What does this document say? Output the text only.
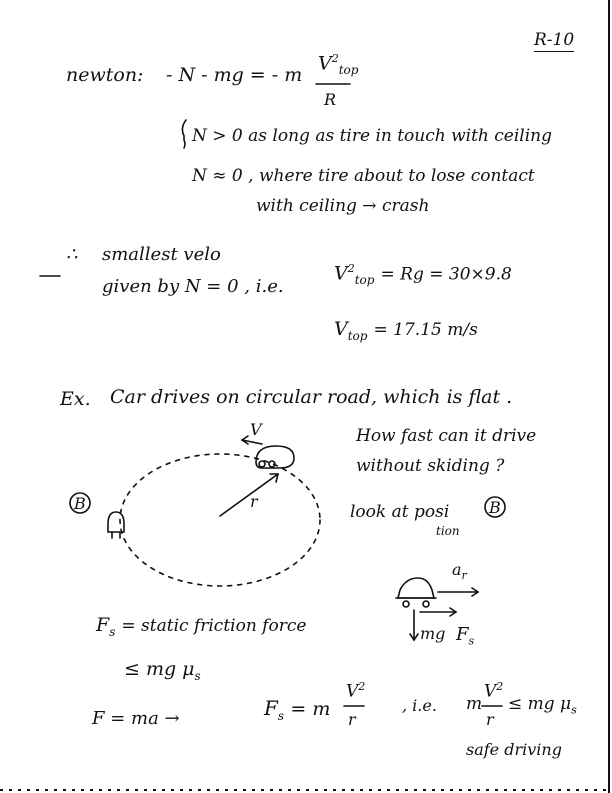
R-10
newton: - N - mg = - m
$V^2_{top}$
R
N > 0 as long as tire in touch with ceiling
N ≈ 0 , where tire about to lose contact
with ceiling → crash
∴ smallest velo
given by N = 0 , i.e.
$V^2_{top} = Rg = 30\times 9.8$
$V_{top} = 17.15$ m/s
Ex. Car drives on circular road, which is flat .
How fast can it drive
without skiding ?
look at posi
tion
B	B
V
r
$a_r$
mg $F_s$
$F_s$ = static friction force
≤ mg $\mu_s$
F = ma →	$F_s = m$
$V^2$
r
, i.e. m
$V^2$
r
≤ mg $\mu_s$
safe driving
